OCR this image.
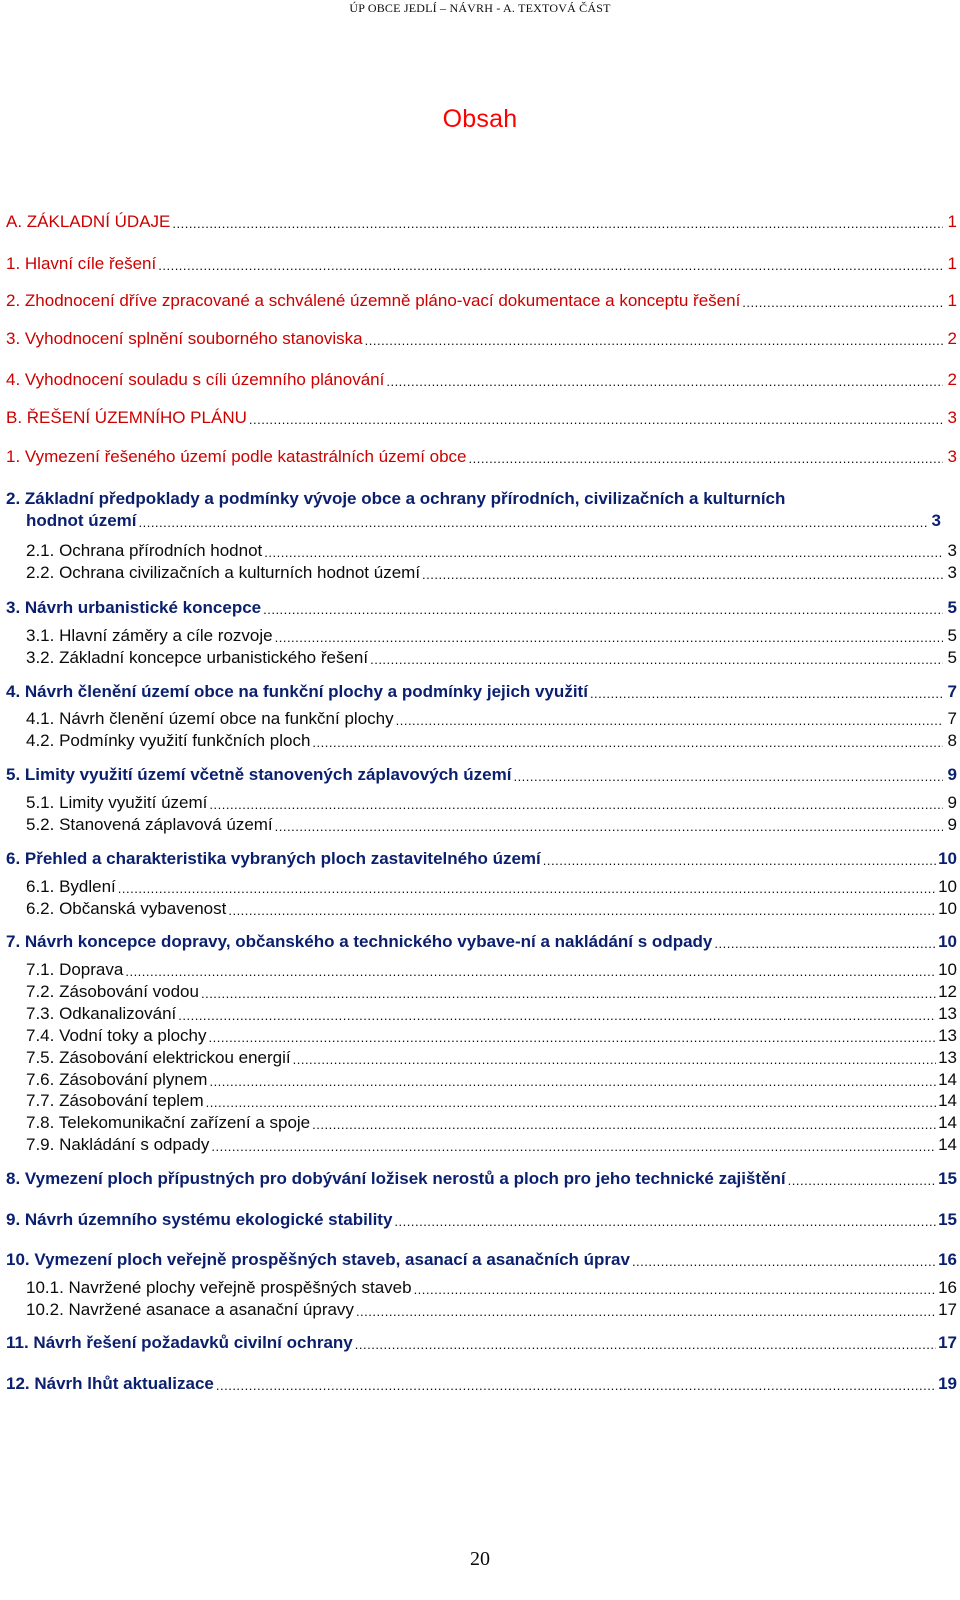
ÚP OBCE JEDLÍ – NÁVRH - A. TEXTOVÁ ČÁST
Obsah
A. ZÁKLADNÍ ÚDAJE .....	1
1. Hlavní cíle řešení .....	1
2. Zhodnocení dříve zpracované a schválené územně pláno-vací dokumentace a konceptu řešení .....	1
3. Vyhodnocení splnění souborného stanoviska .....	2
4. Vyhodnocení souladu s cíli územního plánování .....	2
B. ŘEŠENÍ ÚZEMNÍHO PLÁNU .....	3
1. Vymezení řešeného území podle katastrálních území obce .....	3
2. Základní předpoklady a podmínky vývoje obce a ochrany přírodních, civilizačních a kulturních
hodnot území .....	3
2.1. Ochrana přírodních hodnot .....	3
2.2. Ochrana civilizačních a kulturních hodnot území .....	3
3. Návrh urbanistické koncepce .....	5
3.1. Hlavní záměry a cíle rozvoje .....	5
3.2. Základní koncepce urbanistického řešení .....	5
4. Návrh členění území obce na funkční plochy a podmínky jejich využití .....	7
4.1. Návrh členění území obce na funkční plochy .....	7
4.2. Podmínky využití funkčních ploch .....	8
5. Limity využití území včetně stanovených záplavových území .....	9
5.1. Limity využití území .....	9
5.2. Stanovená záplavová území .....	9
6. Přehled a charakteristika vybraných ploch zastavitelného území .....	10
6.1. Bydlení .....	10
6.2. Občanská vybavenost .....	10
7. Návrh koncepce dopravy, občanského a technického vybave-ní a nakládání s odpady .....	10
7.1. Doprava .....	10
7.2. Zásobování vodou .....	12
7.3. Odkanalizování .....	13
7.4. Vodní toky a plochy .....	13
7.5. Zásobování elektrickou energií .....	13
7.6. Zásobování plynem .....	14
7.7. Zásobování teplem .....	14
7.8. Telekomunikační zařízení a spoje .....	14
7.9. Nakládání s odpady .....	14
8. Vymezení ploch přípustných pro dobývání ložisek nerostů a ploch pro jeho technické zajištění .....	15
9. Návrh územního systému ekologické stability .....	15
10. Vymezení ploch veřejně prospěšných staveb, asanací a asanačních úprav .....	16
10.1. Navržené plochy veřejně prospěšných staveb .....	16
10.2. Navržené asanace a asanační úpravy .....	17
11. Návrh řešení požadavků civilní ochrany .....	17
12. Návrh lhůt aktualizace .....	19
20
